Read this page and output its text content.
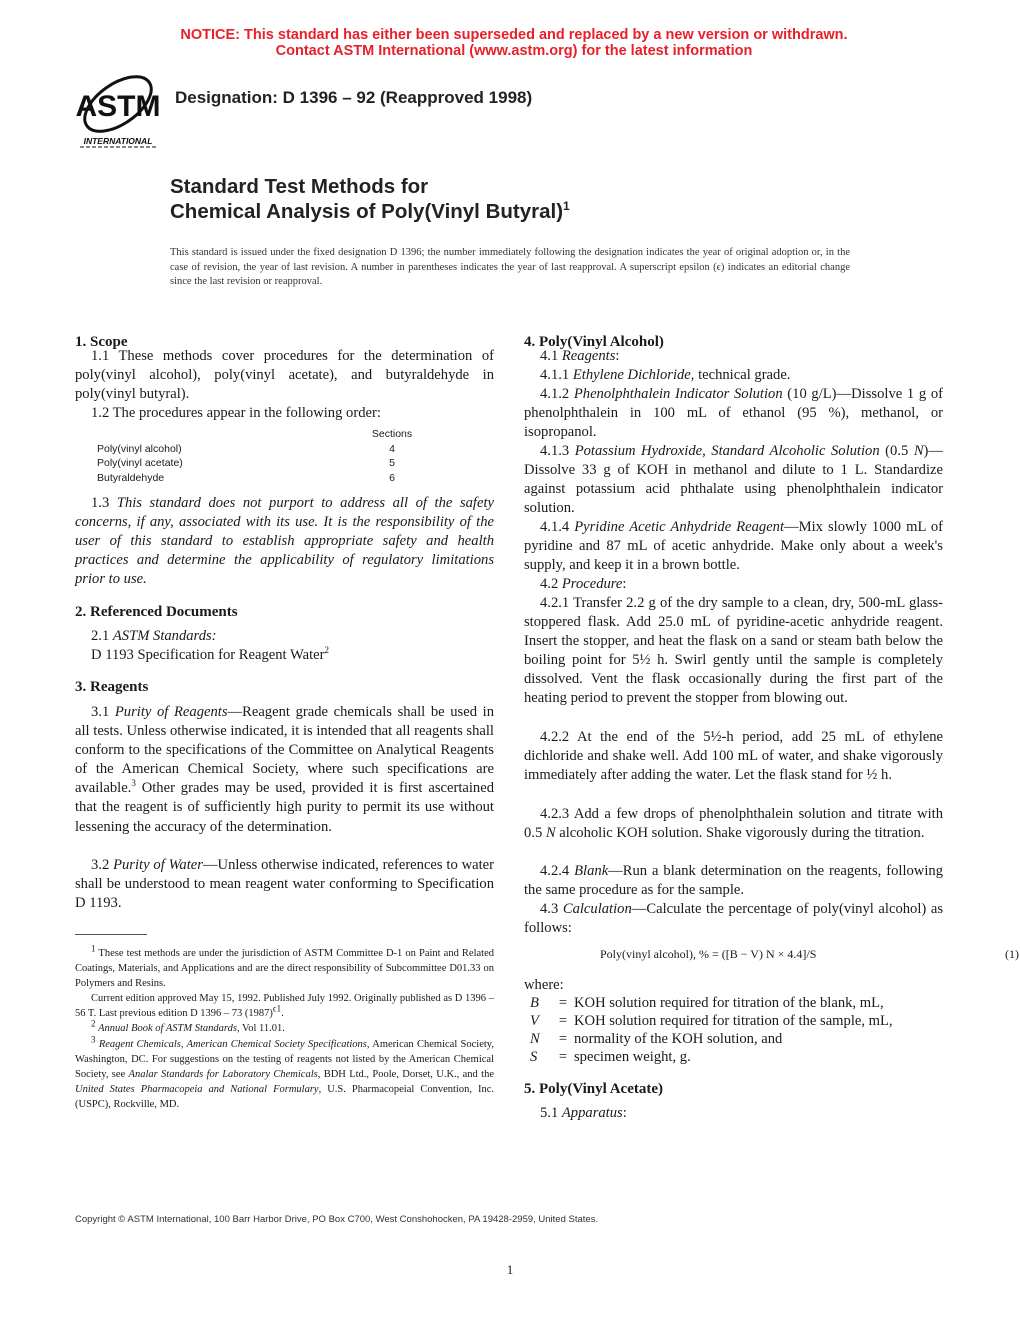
NOTICE: This standard has either been superseded and replaced by a new version or withdrawn.
Contact ASTM International (www.astm.org) for the latest information
ASTM
INTERNATIONAL
Designation: D 1396 – 92 (Reapproved 1998)
Standard Test Methods for
Chemical Analysis of Poly(Vinyl Butyral)$^1$
This standard is issued under the fixed designation D 1396; the number immediately following the designation indicates the year of original adoption or, in the case of revision, the year of last revision. A number in parentheses indicates the year of last reapproval. A superscript epsilon (ϵ) indicates an editorial change since the last revision or reapproval.
1. Scope
1.1 These methods cover procedures for the determination of poly(vinyl alcohol), poly(vinyl acetate), and butyraldehyde in poly(vinyl butyral).
1.2 The procedures appear in the following order:
Sections
Poly(vinyl alcohol)	4
Poly(vinyl acetate)	5
Butyraldehyde	6
1.3 This standard does not purport to address all of the safety concerns, if any, associated with its use. It is the responsibility of the user of this standard to establish appropriate safety and health practices and determine the applicability of regulatory limitations prior to use.
2. Referenced Documents
2.1 ASTM Standards:
D 1193 Specification for Reagent Water$^2$
3. Reagents
3.1 Purity of Reagents—Reagent grade chemicals shall be used in all tests. Unless otherwise indicated, it is intended that all reagents shall conform to the specifications of the Committee on Analytical Reagents of the American Chemical Society, where such specifications are available.$^3$ Other grades may be used, provided it is first ascertained that the reagent is of sufficiently high purity to permit its use without lessening the accuracy of the determination.
3.2 Purity of Water—Unless otherwise indicated, references to water shall be understood to mean reagent water conforming to Specification D 1193.
$^1$ These test methods are under the jurisdiction of ASTM Committee D-1 on Paint and Related Coatings, Materials, and Applications and are the direct responsibility of Subcommittee D01.33 on Polymers and Resins.
Current edition approved May 15, 1992. Published July 1992. Originally published as D 1396 – 56 T. Last previous edition D 1396 – 73 $(1987)^{\epsilon 1}$.
$^2$ Annual Book of ASTM Standards, Vol 11.01.
$^3$ Reagent Chemicals, American Chemical Society Specifications, American Chemical Society, Washington, DC. For suggestions on the testing of reagents not listed by the American Chemical Society, see Analar Standards for Laboratory Chemicals, BDH Ltd., Poole, Dorset, U.K., and the United States Pharmacopeia and National Formulary, U.S. Pharmacopeial Convention, Inc. (USPC), Rockville, MD.
4. Poly(Vinyl Alcohol)
4.1 Reagents:
4.1.1 Ethylene Dichloride, technical grade.
4.1.2 Phenolphthalein Indicator Solution (10 g/L)—Dissolve 1 g of phenolphthalein in 100 mL of ethanol (95 %), methanol, or isopropanol.
4.1.3 Potassium Hydroxide, Standard Alcoholic Solution (0.5 N)—Dissolve 33 g of KOH in methanol and dilute to 1 L. Standardize against potassium acid phthalate using phenolphthalein indicator solution.
4.1.4 Pyridine Acetic Anhydride Reagent—Mix slowly 1000 mL of pyridine and 87 mL of acetic anhydride. Make only about a week's supply, and keep it in a brown bottle.
4.2 Procedure:
4.2.1 Transfer 2.2 g of the dry sample to a clean, dry, 500-mL glass-stoppered flask. Add 25.0 mL of pyridine-acetic anhydride reagent. Insert the stopper, and heat the flask on a sand or steam bath below the boiling point for 5½ h. Swirl gently until the sample is completely dissolved. Vent the flask occasionally during the first part of the heating period to prevent the stopper from blowing out.
4.2.2 At the end of the 5½-h period, add 25 mL of ethylene dichloride and shake well. Add 100 mL of water, and shake vigorously immediately after adding the water. Let the flask stand for ½ h.
4.2.3 Add a few drops of phenolphthalein solution and titrate with 0.5 N alcoholic KOH solution. Shake vigorously during the titration.
4.2.4 Blank—Run a blank determination on the reagents, following the same procedure as for the sample.
4.3 Calculation—Calculate the percentage of poly(vinyl alcohol) as follows:
Poly(vinyl alcohol), % = ([B − V) N × 4.4]/S	(1)
where:
B	= KOH solution required for titration of the blank, mL,
V	= KOH solution required for titration of the sample, mL,
N	= normality of the KOH solution, and
S	= specimen weight, g.
5. Poly(Vinyl Acetate)
5.1 Apparatus:
Copyright © ASTM International, 100 Barr Harbor Drive, PO Box C700, West Conshohocken, PA 19428-2959, United States.
1
